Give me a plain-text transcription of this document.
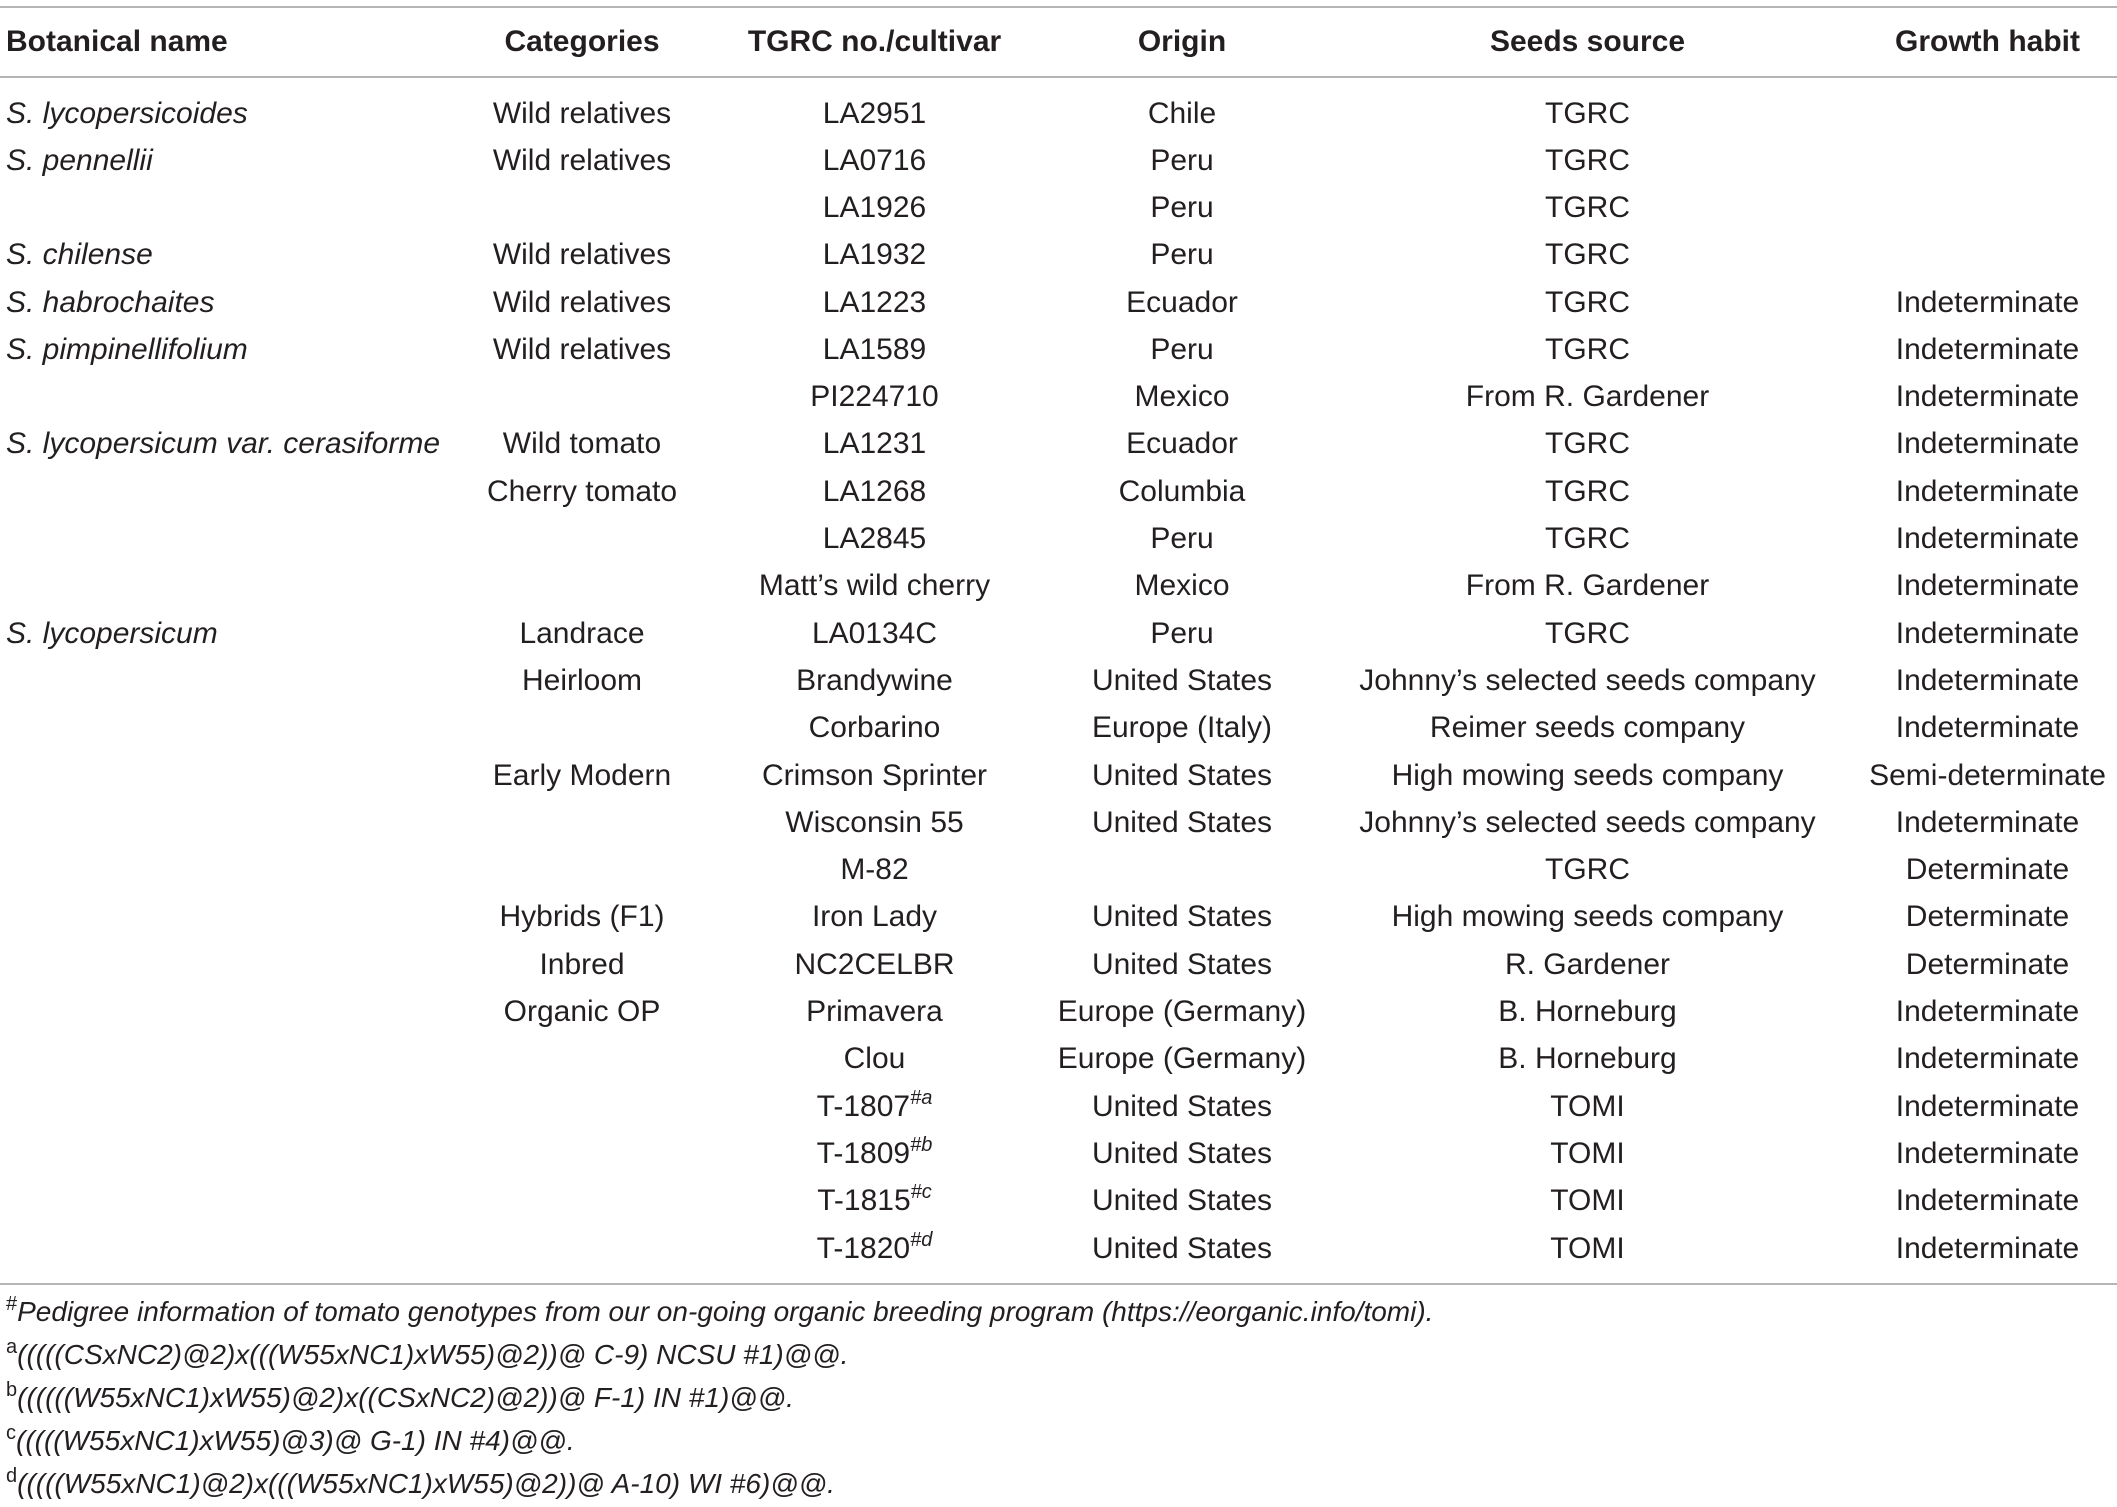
Botanical name	Categories	TGRC no./cultivar	Origin	Seeds source	Growth habit
S. lycopersicoides	Wild relatives	LA2951	Chile	TGRC	
S. pennellii	Wild relatives	LA0716	Peru	TGRC	
		LA1926	Peru	TGRC	
S. chilense	Wild relatives	LA1932	Peru	TGRC	
S. habrochaites	Wild relatives	LA1223	Ecuador	TGRC	Indeterminate
S. pimpinellifolium	Wild relatives	LA1589	Peru	TGRC	Indeterminate
		PI224710	Mexico	From R. Gardener	Indeterminate
S. lycopersicum var. cerasiforme	Wild tomato	LA1231	Ecuador	TGRC	Indeterminate
	Cherry tomato	LA1268	Columbia	TGRC	Indeterminate
		LA2845	Peru	TGRC	Indeterminate
		Matt’s wild cherry	Mexico	From R. Gardener	Indeterminate
S. lycopersicum	Landrace	LA0134C	Peru	TGRC	Indeterminate
	Heirloom	Brandywine	United States	Johnny’s selected seeds company	Indeterminate
		Corbarino	Europe (Italy)	Reimer seeds company	Indeterminate
	Early Modern	Crimson Sprinter	United States	High mowing seeds company	Semi-determinate
		Wisconsin 55	United States	Johnny’s selected seeds company	Indeterminate
		M-82		TGRC	Determinate
	Hybrids (F1)	Iron Lady	United States	High mowing seeds company	Determinate
	Inbred	NC2CELBR	United States	R. Gardener	Determinate
	Organic OP	Primavera	Europe (Germany)	B. Horneburg	Indeterminate
		Clou	Europe (Germany)	B. Horneburg	Indeterminate
		T-1807$^{\#a}$	United States	TOMI	Indeterminate
		T-1809$^{\#b}$	United States	TOMI	Indeterminate
		T-1815$^{\#c}$	United States	TOMI	Indeterminate
		T-1820$^{\#d}$	United States	TOMI	Indeterminate
#Pedigree information of tomato genotypes from our on-going organic breeding program (https://eorganic.info/tomi).
$^a$(((((CSxNC2)@2)x(((W55xNC1)xW55)@2))@ C-9) NCSU #1)@@.
$^b$((((((W55xNC1)xW55)@2)x((CSxNC2)@2))@ F-1) IN #1)@@.
$^c$(((((W55xNC1)xW55)@3)@ G-1) IN #4)@@.
$^d$(((((W55xNC1)@2)x(((W55xNC1)xW55)@2))@ A-10) WI #6)@@.
